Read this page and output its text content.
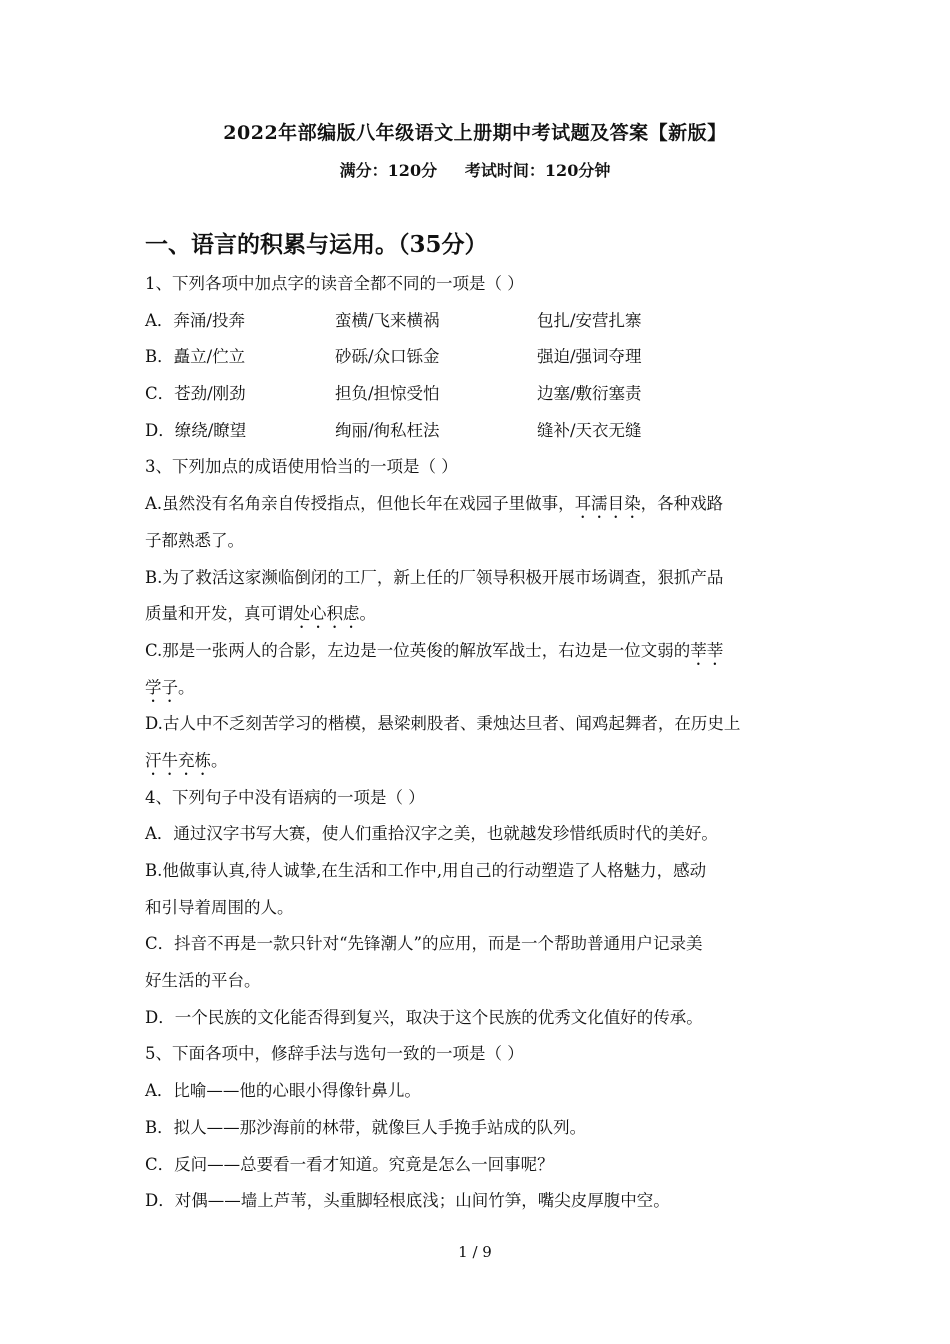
2022年部编版八年级语文上册期中考试题及答案【新版】
满分：120分     考试时间：120分钟
一、语言的积累与运用。（35分）
1、下列各项中加点字的读音全都不同的一项是（ ）
A．奔涌/投奔	蛮横/飞来横祸	包扎/安营扎寨
B．矗立/伫立	砂砾/众口铄金	强迫/强词夺理
C．苍劲/刚劲	担负/担惊受怕	边塞/敷衍塞责
D．缭绕/瞭望	绚丽/徇私枉法	缝补/天衣无缝
3、下列加点的成语使用恰当的一项是（ ）
A.虽然没有名角亲自传授指点，但他长年在戏园子里做事，耳濡目染，各种戏路
子都熟悉了。
B.为了救活这家濒临倒闭的工厂，新上任的厂领导积极开展市场调查，狠抓产品
质量和开发，真可谓处心积虑。
C.那是一张两人的合影，左边是一位英俊的解放军战士，右边是一位文弱的莘莘
学子。
D.古人中不乏刻苦学习的楷模，悬梁刺股者、秉烛达旦者、闻鸡起舞者，在历史上
汗牛充栋。
4、下列句子中没有语病的一项是（ ）
A．通过汉字书写大赛，使人们重拾汉字之美，也就越发珍惜纸质时代的美好。
B.他做事认真,待人诚挚,在生活和工作中,用自己的行动塑造了人格魅力，感动
和引导着周围的人。
C．抖音不再是一款只针对“先锋潮人”的应用，而是一个帮助普通用户记录美
好生活的平台。
D．一个民族的文化能否得到复兴，取决于这个民族的优秀文化值好的传承。
5、下面各项中，修辞手法与选句一致的一项是（ ）
A．比喻——他的心眼小得像针鼻儿。
B．拟人——那沙海前的林带，就像巨人手挽手站成的队列。
C．反问——总要看一看才知道。究竟是怎么一回事呢？
D．对偶——墙上芦苇，头重脚轻根底浅；山间竹笋，嘴尖皮厚腹中空。
1 / 9
